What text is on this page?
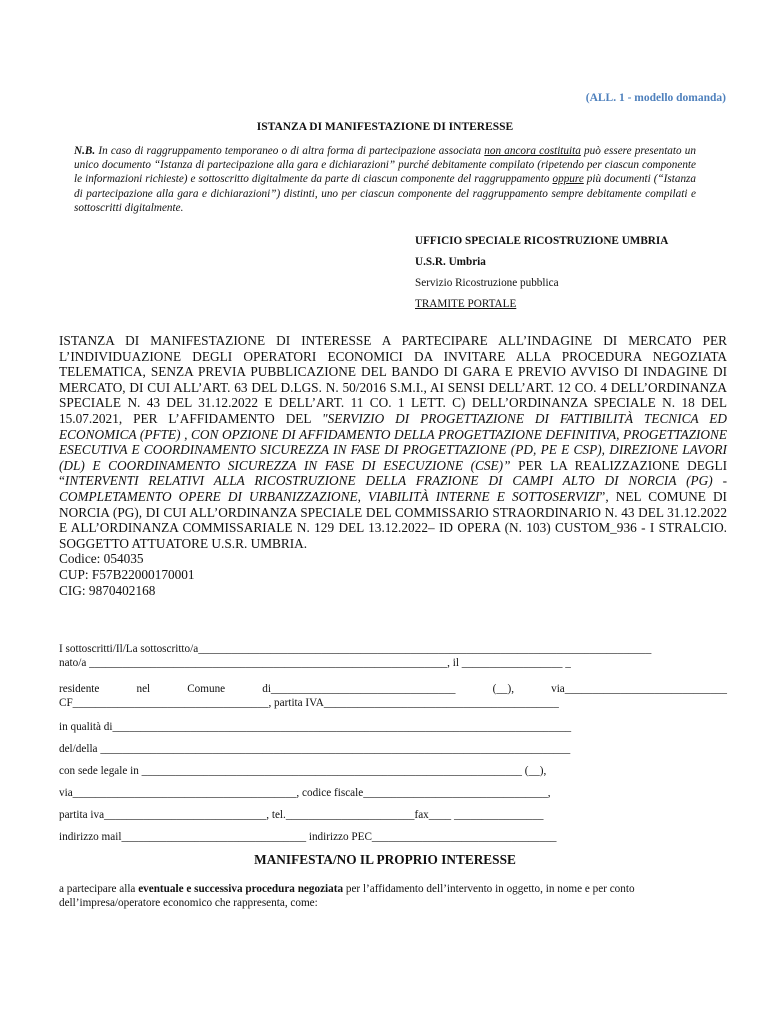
(ALL. 1 - modello domanda)
ISTANZA DI MANIFESTAZIONE DI INTERESSE
N.B. In caso di raggruppamento temporaneo o di altra forma di partecipazione associata non ancora costituita può essere presentato un unico documento “Istanza di partecipazione alla gara e dichiarazioni” purché debitamente compilato (ripetendo per ciascun componente le informazioni richieste) e sottoscritto digitalmente da parte di ciascun componente del raggruppamento oppure più documenti (“Istanza di partecipazione alla gara e dichiarazioni”) distinti, uno per ciascun componente del raggruppamento sempre debitamente compilati e sottoscritti digitalmente.
UFFICIO SPECIALE RICOSTRUZIONE UMBRIA
U.S.R. Umbria
Servizio Ricostruzione pubblica
TRAMITE PORTALE
ISTANZA DI MANIFESTAZIONE DI INTERESSE A PARTECIPARE ALL’INDAGINE DI MERCATO PER L’INDIVIDUAZIONE DEGLI OPERATORI ECONOMICI DA INVITARE ALLA PROCEDURA NEGOZIATA TELEMATICA, SENZA PREVIA PUBBLICAZIONE DEL BANDO DI GARA E PREVIO AVVISO DI INDAGINE DI MERCATO, DI CUI ALL’ART. 63 DEL D.LGS. N. 50/2016 S.M.I., AI SENSI DELL’ART. 12 CO. 4 DELL’ORDINANZA SPECIALE N. 43 DEL 31.12.2022 E DELL’ART. 11 CO. 1 LETT. C) DELL’ORDINANZA SPECIALE N. 18 DEL 15.07.2021, PER L’AFFIDAMENTO DEL "SERVIZIO DI PROGETTAZIONE DI FATTIBILITÀ TECNICA ED ECONOMICA (PFTE) , CON OPZIONE DI AFFIDAMENTO DELLA PROGETTAZIONE DEFINITIVA, PROGETTAZIONE ESECUTIVA E COORDINAMENTO SICUREZZA IN FASE DI PROGETTAZIONE (PD, PE E CSP), DIREZIONE LAVORI (DL) E COORDINAMENTO SICUREZZA IN FASE DI ESECUZIONE (CSE)” PER LA REALIZZAZIONE DEGLI “INTERVENTI RELATIVI ALLA RICOSTRUZIONE DELLA FRAZIONE DI CAMPI ALTO DI NORCIA (PG) - COMPLETAMENTO OPERE DI URBANIZZAZIONE, VIABILITÀ INTERNE E SOTTOSERVIZI”, NEL COMUNE DI NORCIA (PG), DI CUI ALL’ORDINANZA SPECIALE DEL COMMISSARIO STRAORDINARIO N. 43 DEL 31.12.2022 E ALL’ORDINANZA COMMISSARIALE N. 129 DEL 13.12.2022– ID OPERA (N. 103) CUSTOM_936 - I STRALCIO. SOGGETTO ATTUATORE U.S.R. UMBRIA.
Codice: 054035
CUP: F57B22000170001
CIG: 9870402168
I sottoscritti/Il/La sottoscritto/a_________________________________________________________________________________
nato/a ________________________________________________________________, il __________________ _
residente	nel	Comune	di_________________________________	(__),	via_____________________________
CF___________________________________, partita IVA__________________________________________
in qualità di__________________________________________________________________________________
del/della ____________________________________________________________________________________
con sede legale in ____________________________________________________________________ (__),
via________________________________________, codice fiscale_________________________________,
partita iva_____________________________, tel._______________________fax____ ________________
indirizzo mail_________________________________ indirizzo PEC_________________________________
MANIFESTA/NO IL PROPRIO INTERESSE
a partecipare alla eventuale e successiva procedura negoziata per l’affidamento dell’intervento in oggetto, in nome e per conto dell’impresa/operatore economico che rappresenta, come:
